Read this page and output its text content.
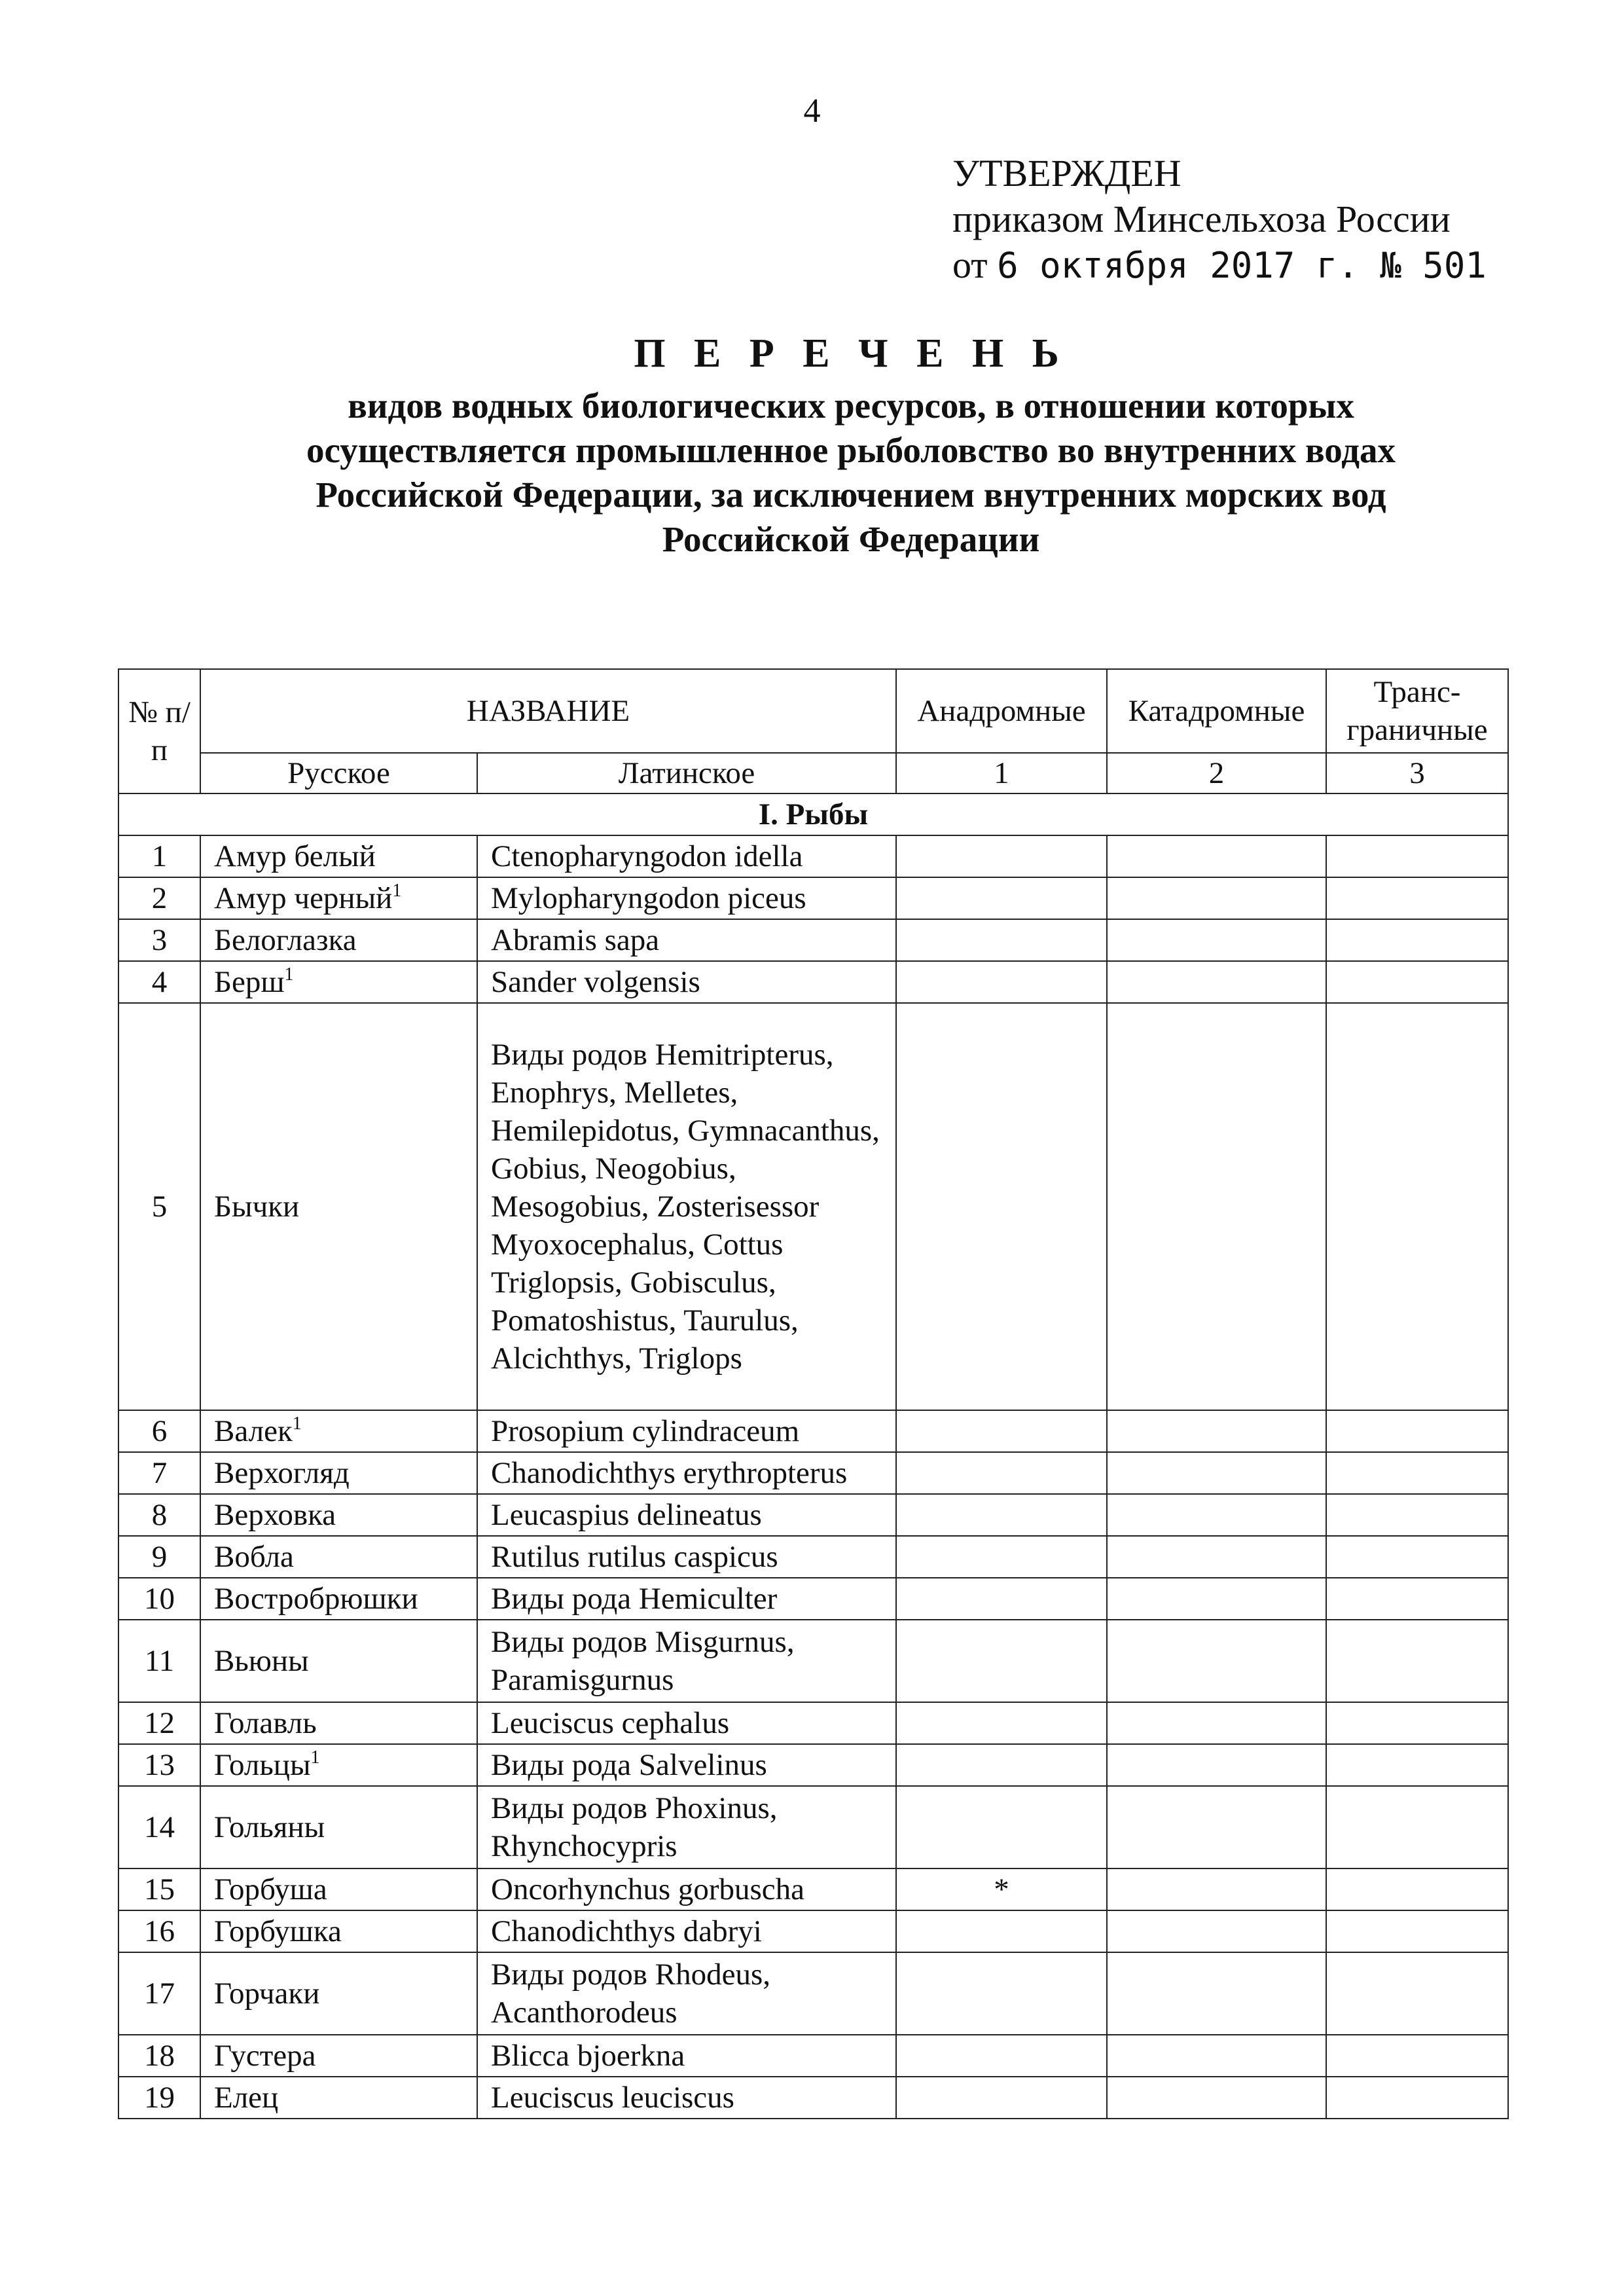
4
УТВЕРЖДЕН
приказом Минсельхоза России
от 6 октября 2017 г. № 501
П Е Р Е Ч Е Н Ь
видов водных биологических ресурсов, в отношении которых осуществляется промышленное рыболовство во внутренних водах Российской Федерации, за исключением внутренних морских вод Российской Федерации
№ п/п	НАЗВАНИЕ		Анадромные	Катадромные	Транс-граничные
	Русское	Латинское	1	2	3
I. Рыбы					
1	Амур белый	Ctenopharyngodon idella			
2	Амур черный$^1$	Mylopharyngodon piceus			
3	Белоглазка	Abramis sapa			
4	Берш$^1$	Sander volgensis			
5	Бычки	Виды родов Hemitripterus, Enophrys, Melletes, Hemilepidotus, Gymnacanthus, Gobius, Neogobius, Mesogobius, Zosterisessor Myoxocephalus, Cottus Triglopsis, Gobisculus, Pomatoshistus, Taurulus, Alcichthys, Triglops			
6	Валек$^1$	Prosopium cylindraceum			
7	Верхогляд	Chanodichthys erythropterus			
8	Верховка	Leucaspius delineatus			
9	Вобла	Rutilus rutilus caspicus			
10	Востробрюшки	Виды рода Hemiculter			
11	Вьюны	Виды родов Misgurnus, Paramisgurnus			
12	Голавль	Leuciscus cephalus			
13	Гольцы$^1$	Виды рода Salvelinus			
14	Гольяны	Виды родов Phoxinus, Rhynchocypris			
15	Горбуша	Oncorhynchus gorbuscha	*		
16	Горбушка	Chanodichthys dabryi			
17	Горчаки	Виды родов Rhodeus, Acanthorodeus			
18	Густера	Blicca bjoerkna			
19	Елец	Leuciscus leuciscus			
